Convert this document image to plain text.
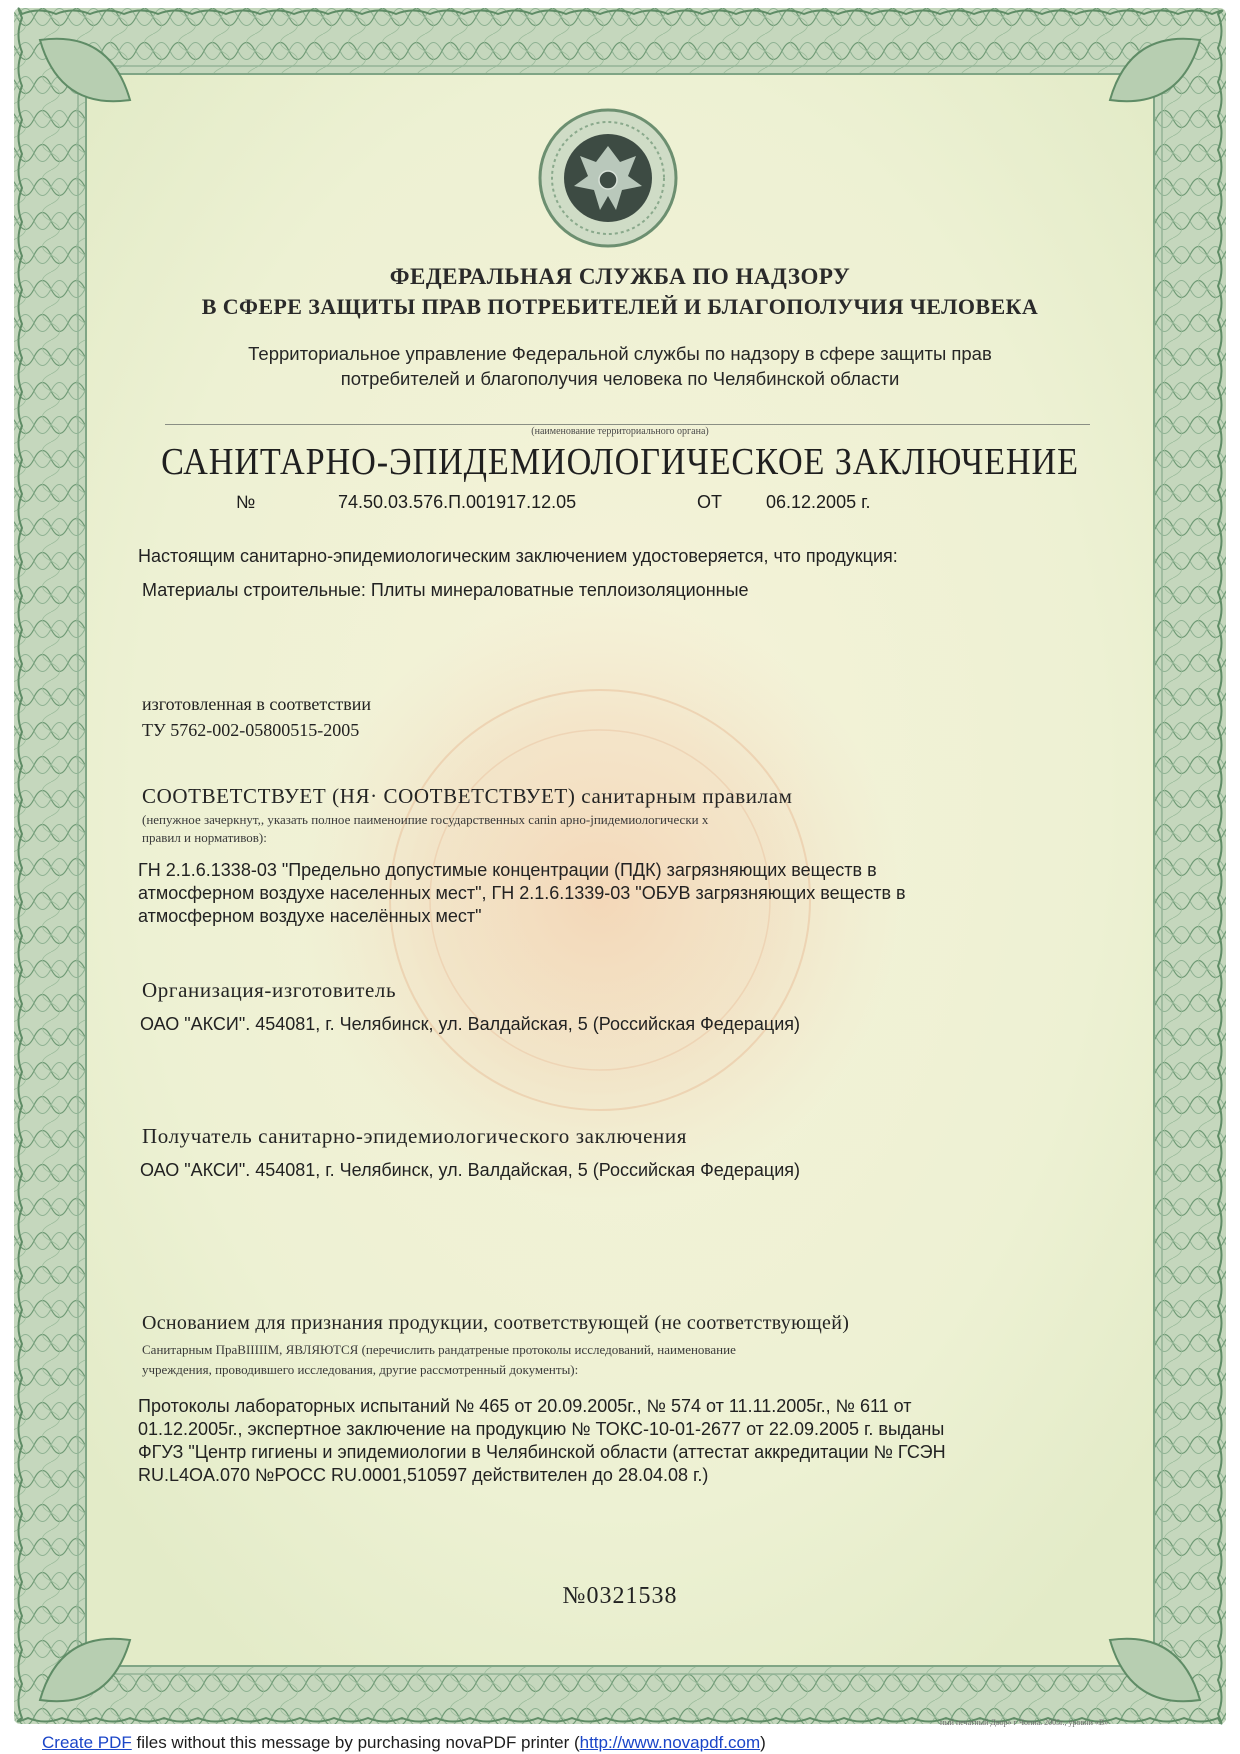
ФЕДЕРАЛЬНАЯ СЛУЖБА ПО НАДЗОРУ

В СФЕРЕ ЗАЩИТЫ ПРАВ ПОТРЕБИТЕЛЕЙ И БЛАГОПОЛУЧИЯ ЧЕЛОВЕКА

Территориальное управление Федеральной службы по надзору в сфере защиты прав

потребителей и благополучия человека по Челябинской области

(наименование территориального органа)

САНИТАРНО-ЭПИДЕМИОЛОГИЧЕСКОЕ ЗАКЛЮЧЕНИЕ

№	74.50.03.576.П.001917.12.05	ОТ 06.12.2005 г.

Настоящим санитарно-эпидемиологическим заключением удостоверяется, что продукция:

Материалы строительные: Плиты минераловатные теплоизоляционные

изготовленная в соответствии

ТУ 5762-002-05800515-2005

СООТВЕТСТВУЕТ (НЯ· СООТВЕТСТВУЕТ) санитарным правилам

(непужное зачеркнут,, указать полное паименоипие государственных сапin арно-jпидемиологически х

правил и нормативов):

ГН 2.1.6.1338-03 "Предельно допустимые концентрации (ПДК) загрязняющих веществ в

атмосферном воздухе населенных мест", ГН 2.1.6.1339-03 "ОБУВ загрязняющих веществ в

атмосферном воздухе населённых мест"

Организация-изготовитель

ОАО "АКСИ". 454081, г. Челябинск, ул. Валдайская, 5 (Российская Федерация)

Получатель санитарно-эпидемиологического заключения

ОАО "АКСИ". 454081, г. Челябинск, ул. Валдайская, 5 (Российская Федерация)

Основанием для признания продукции, соответствующей (не соответствующей)

Санитарным ПраВIIIIIМ, ЯВЛЯЮТСЯ (перечислить рандатреные протоколы исследований, наименование

учреждения, проводившего исследования, другие рассмотренный документы):

Протоколы лабораторных испытаний № 465 от 20.09.2005г., № 574 от 11.11.2005г., № 611 от

01.12.2005г., экспертное заключение на продукцию № ТОКС-10-01-2677 от 22.09.2005 г. выданы

ФГУЗ "Центр гигиены и эпидемиологии в Челябинской области (аттестат аккредитации № ГСЭН

RU.L4OA.070 №РОСС RU.0001,510597 действителен до 28.04.08 г.)

№0321538

ный печатный Двор» г Чопиа. 2005г., уровни «В»

Create PDF files without this message by purchasing novaPDF printer (http://www.novapdf.com)
